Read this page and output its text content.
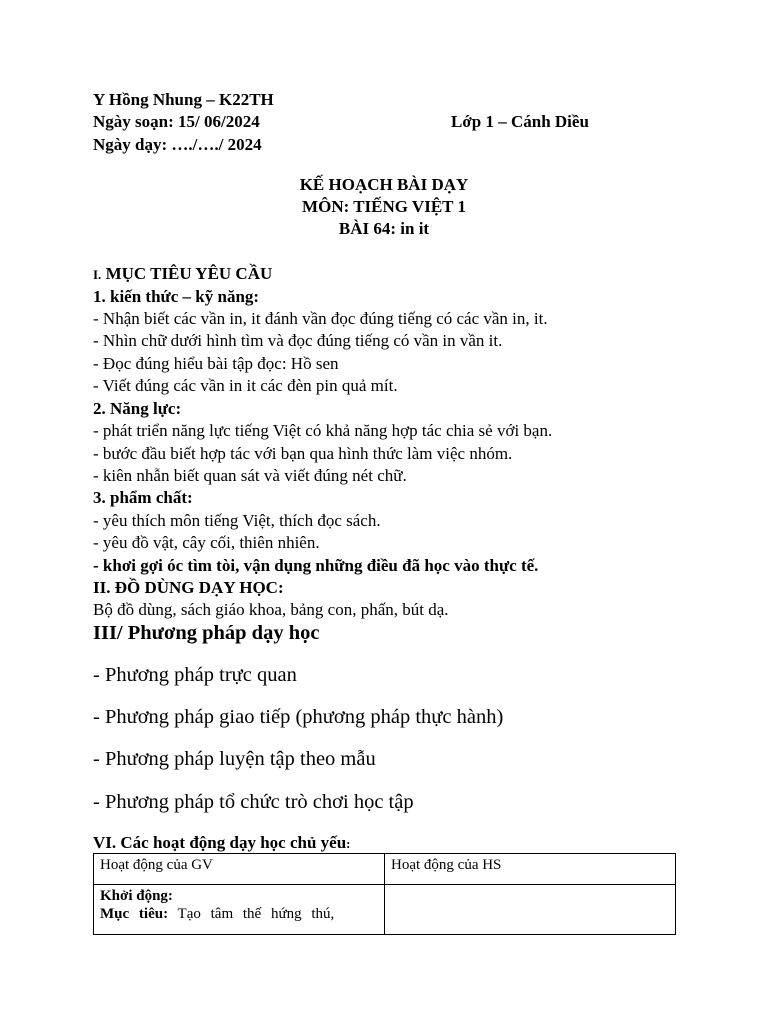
Y Hồng Nhung – K22TH
Ngày soạn: 15/ 06/2024	Lớp 1 – Cánh Diều
Ngày dạy: …./…./ 2024
KẾ HOẠCH BÀI DẠY
MÔN: TIẾNG VIỆT 1
BÀI 64: in it
I. MỤC TIÊU YÊU CẦU
1. kiến thức – kỹ năng:
- Nhận biết các vần in, it đánh vần đọc đúng tiếng có các vần in, it.
- Nhìn chữ dưới hình tìm và đọc đúng tiếng có vần in vần it.
- Đọc đúng hiểu bài tập đọc: Hồ sen
- Viết đúng các vần in it các đèn pin quả mít.
2. Năng lực:
- phát triển năng lực tiếng Việt có khả năng hợp tác chia sẻ với bạn.
- bước đầu biết hợp tác với bạn qua hình thức làm việc nhóm.
- kiên nhẫn biết quan sát và viết đúng nét chữ.
3. phẩm chất:
- yêu thích môn tiếng Việt, thích đọc sách.
- yêu đồ vật, cây cối, thiên nhiên.
- khơi gợi óc tìm tòi, vận dụng những điều đã học vào thực tế.
II. ĐỒ DÙNG DẠY HỌC:
Bộ đồ dùng, sách giáo khoa, bảng con, phấn, bút dạ.
III/ Phương pháp dạy học
- Phương pháp trực quan
- Phương pháp giao tiếp (phương pháp thực hành)
- Phương pháp luyện tập theo mẫu
- Phương pháp tổ chức trò chơi học tập
VI. Các hoạt động dạy học chủ yếu:
Hoạt động của GV	Hoạt động của HS

Khởi động:
Mục tiêu: Tạo tâm thế hứng thú,	
